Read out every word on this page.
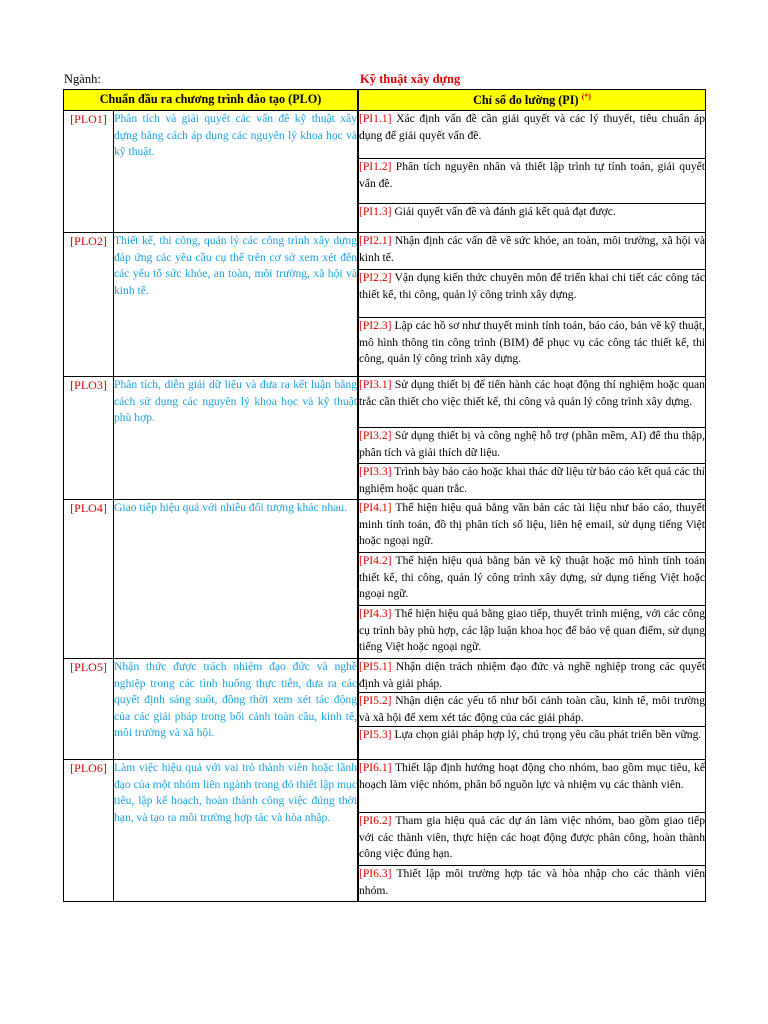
Ngành:	Kỹ thuật xây dựng
Chuẩn đầu ra chương trình đào tạo (PLO)		Chỉ số đo lường (PI) (*)
[PLO1]	Phân tích và giải quyết các vấn đề kỹ thuật xây dựng bằng cách áp dụng các nguyên lý khoa học và kỹ thuật.		[PI1.1] Xác định vấn đề cần giải quyết và các lý thuyết, tiêu chuẩn áp dụng để giải quyết vấn đề.
		[PI1.2] Phân tích nguyên nhân và thiết lập trình tự tính toán, giải quyết vấn đề.
		[PI1.3] Giải quyết vấn đề và đánh giá kết quả đạt được.
[PLO2]	Thiết kế, thi công, quản lý các công trình xây dựng đáp ứng các yêu cầu cụ thể trên cơ sở xem xét đến các yếu tố sức khỏe, an toàn, môi trường, xã hội và kinh tế.		[PI2.1] Nhận định các vấn đề về sức khỏe, an toàn, môi trường, xã hội và kinh tế.
		[PI2.2] Vận dụng kiến thức chuyên môn để triển khai chi tiết các công tác thiết kế, thi công, quản lý công trình xây dựng.
		[PI2.3] Lập các hồ sơ như thuyết minh tính toán, báo cáo, bản vẽ kỹ thuật, mô hình thông tin công trình (BIM) để phục vụ các công tác thiết kế, thi công, quản lý công trình xây dựng.
[PLO3]	Phân tích, diễn giải dữ liệu và đưa ra kết luận bằng cách sử dụng các nguyên lý khoa học và kỹ thuật phù hợp.		[PI3.1] Sử dụng thiết bị để tiến hành các hoạt động thí nghiệm hoặc quan trắc cần thiết cho việc thiết kế, thi công và quản lý công trình xây dựng.
		[PI3.2] Sử dụng thiết bị và công nghệ hỗ trợ (phần mềm, AI) để thu thập, phân tích và giải thích dữ liệu.
		[PI3.3] Trình bày báo cáo hoặc khai thác dữ liệu từ báo cáo kết quả các thí nghiệm hoặc quan trắc.
[PLO4]	Giao tiếp hiệu quả với nhiều đối tượng khác nhau.		[PI4.1] Thể hiện hiệu quả bằng văn bản các tài liệu như báo cáo, thuyết minh tính toán, đồ thị phân tích số liệu, liên hệ email, sử dụng tiếng Việt hoặc ngoại ngữ.
		[PI4.2] Thể hiện hiệu quả bằng bản vẽ kỹ thuật hoặc mô hình tính toán thiết kế, thi công, quản lý công trình xây dựng, sử dụng tiếng Việt hoặc ngoại ngữ.
		[PI4.3] Thể hiện hiệu quả bằng giao tiếp, thuyết trình miệng, với các công cụ trình bày phù hợp, các lập luận khoa học để bảo vệ quan điểm, sử dụng tiếng Việt hoặc ngoại ngữ.
[PLO5]	Nhận thức được trách nhiệm đạo đức và nghề nghiệp trong các tình huống thực tiễn, đưa ra các quyết định sáng suốt, đồng thời xem xét tác động của các giải pháp trong bối cảnh toàn cầu, kinh tế, môi trường và xã hội.		[PI5.1] Nhận diện trách nhiệm đạo đức và nghề nghiệp trong các quyết định và giải pháp.
		[PI5.2] Nhận diện các yếu tố như bối cảnh toàn cầu, kinh tế, môi trường và xã hội để xem xét tác động của các giải pháp.
		[PI5.3] Lựa chọn giải pháp hợp lý, chú trọng yêu cầu phát triển bền vững.
[PLO6]	Làm việc hiệu quả với vai trò thành viên hoặc lãnh đạo của một nhóm liên ngành trong đó thiết lập mục tiêu, lập kế hoạch, hoàn thành công việc đúng thời hạn, và tạo ra môi trường hợp tác và hòa nhập.		[PI6.1] Thiết lập định hướng hoạt động cho nhóm, bao gồm mục tiêu, kế hoạch làm việc nhóm, phân bổ nguồn lực và nhiệm vụ các thành viên.
		[PI6.2] Tham gia hiệu quả các dự án làm việc nhóm, bao gồm giao tiếp với các thành viên, thực hiện các hoạt động được phân công, hoàn thành công việc đúng hạn.
		[PI6.3] Thiết lập môi trường hợp tác và hòa nhập cho các thành viên nhóm.
